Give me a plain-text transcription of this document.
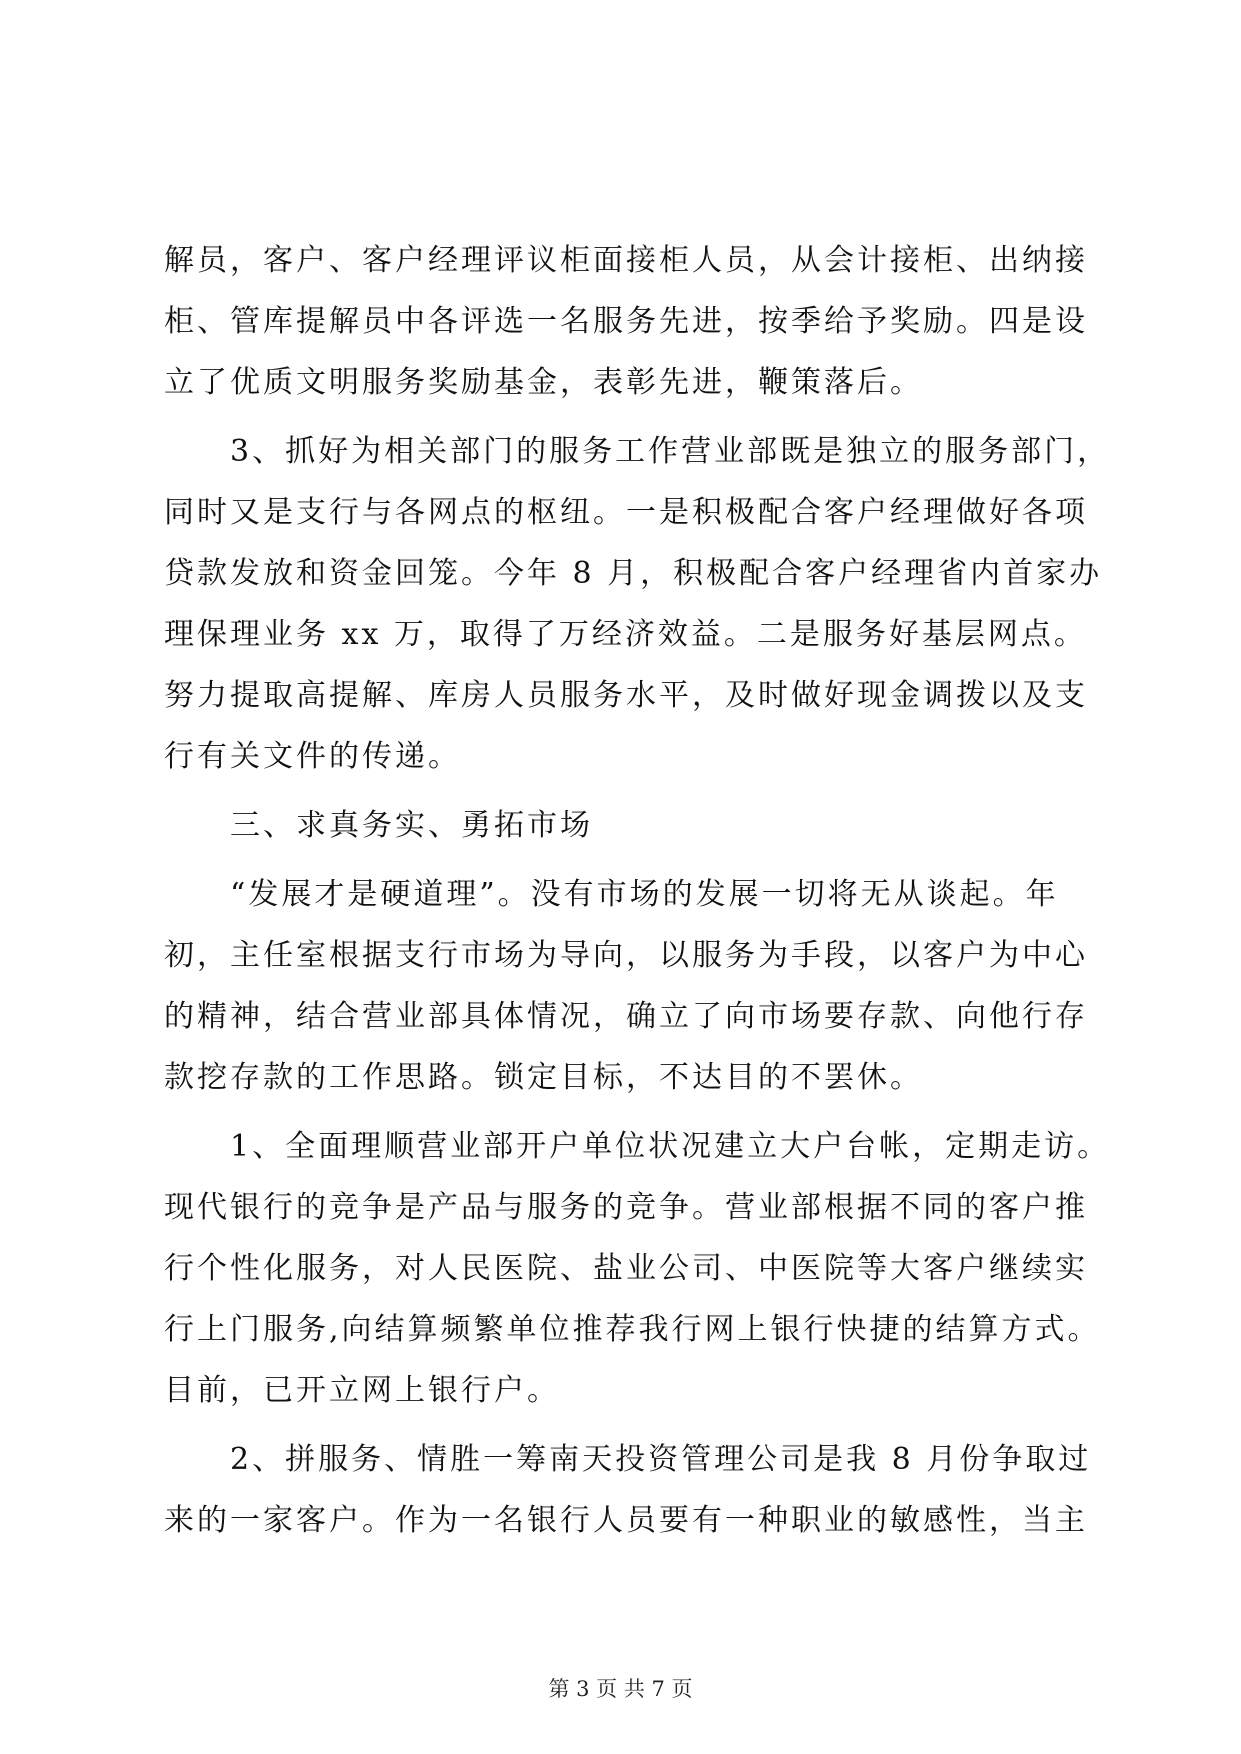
解员，客户、客户经理评议柜面接柜人员，从会计接柜、出纳接
柜、管库提解员中各评选一名服务先进，按季给予奖励。四是设
立了优质文明服务奖励基金，表彰先进，鞭策落后。
　　3、抓好为相关部门的服务工作营业部既是独立的服务部门，
同时又是支行与各网点的枢纽。一是积极配合客户经理做好各项
贷款发放和资金回笼。今年 8 月，积极配合客户经理省内首家办
理保理业务 xx 万，取得了万经济效益。二是服务好基层网点。
努力提取高提解、库房人员服务水平，及时做好现金调拨以及支
行有关文件的传递。
　　三、求真务实、勇拓市场
　　“发展才是硬道理”。没有市场的发展一切将无从谈起。年
初，主任室根据支行市场为导向，以服务为手段，以客户为中心
的精神，结合营业部具体情况，确立了向市场要存款、向他行存
款挖存款的工作思路。锁定目标，不达目的不罢休。
　　1、全面理顺营业部开户单位状况建立大户台帐，定期走访。
现代银行的竞争是产品与服务的竞争。营业部根据不同的客户推
行个性化服务，对人民医院、盐业公司、中医院等大客户继续实
行上门服务,向结算频繁单位推荐我行网上银行快捷的结算方式。
目前，已开立网上银行户。
　　2、拼服务、情胜一筹南天投资管理公司是我 8 月份争取过
来的一家客户。作为一名银行人员要有一种职业的敏感性，当主
第 3 页 共 7 页
